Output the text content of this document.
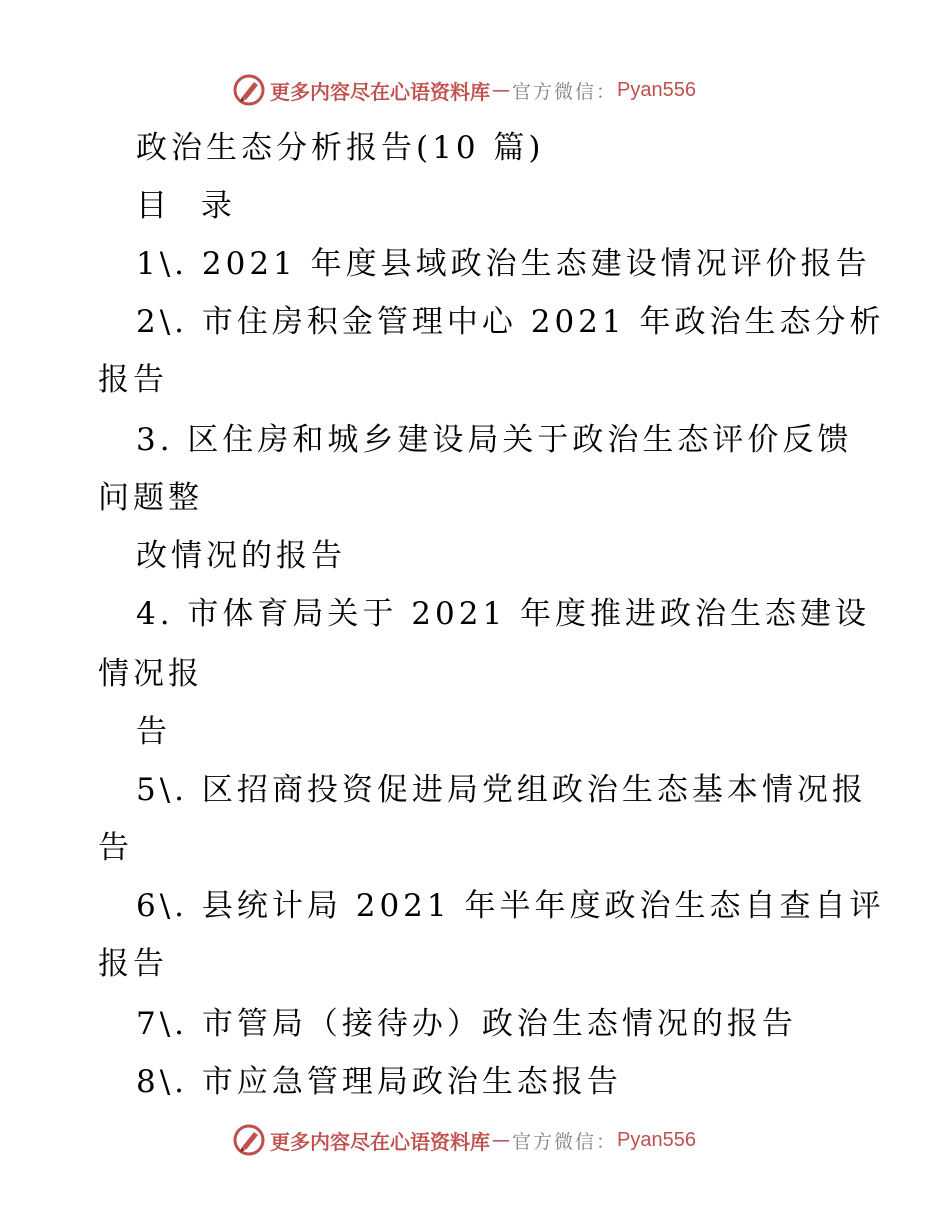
更多内容尽在心语资料库 — 官方微信： Pyan556
政治生态分析报告(10 篇)
目 录
1\. 2021 年度县域政治生态建设情况评价报告
2\. 市住房积金管理中心 2021 年政治生态分析
报告
3. 区住房和城乡建设局关于政治生态评价反馈
问题整
改情况的报告
4. 市体育局关于 2021 年度推进政治生态建设
情况报
告
5\. 区招商投资促进局党组政治生态基本情况报
告
6\. 县统计局 2021 年半年度政治生态自查自评
报告
7\. 市管局（接待办）政治生态情况的报告
8\. 市应急管理局政治生态报告
更多内容尽在心语资料库 — 官方微信： Pyan556
